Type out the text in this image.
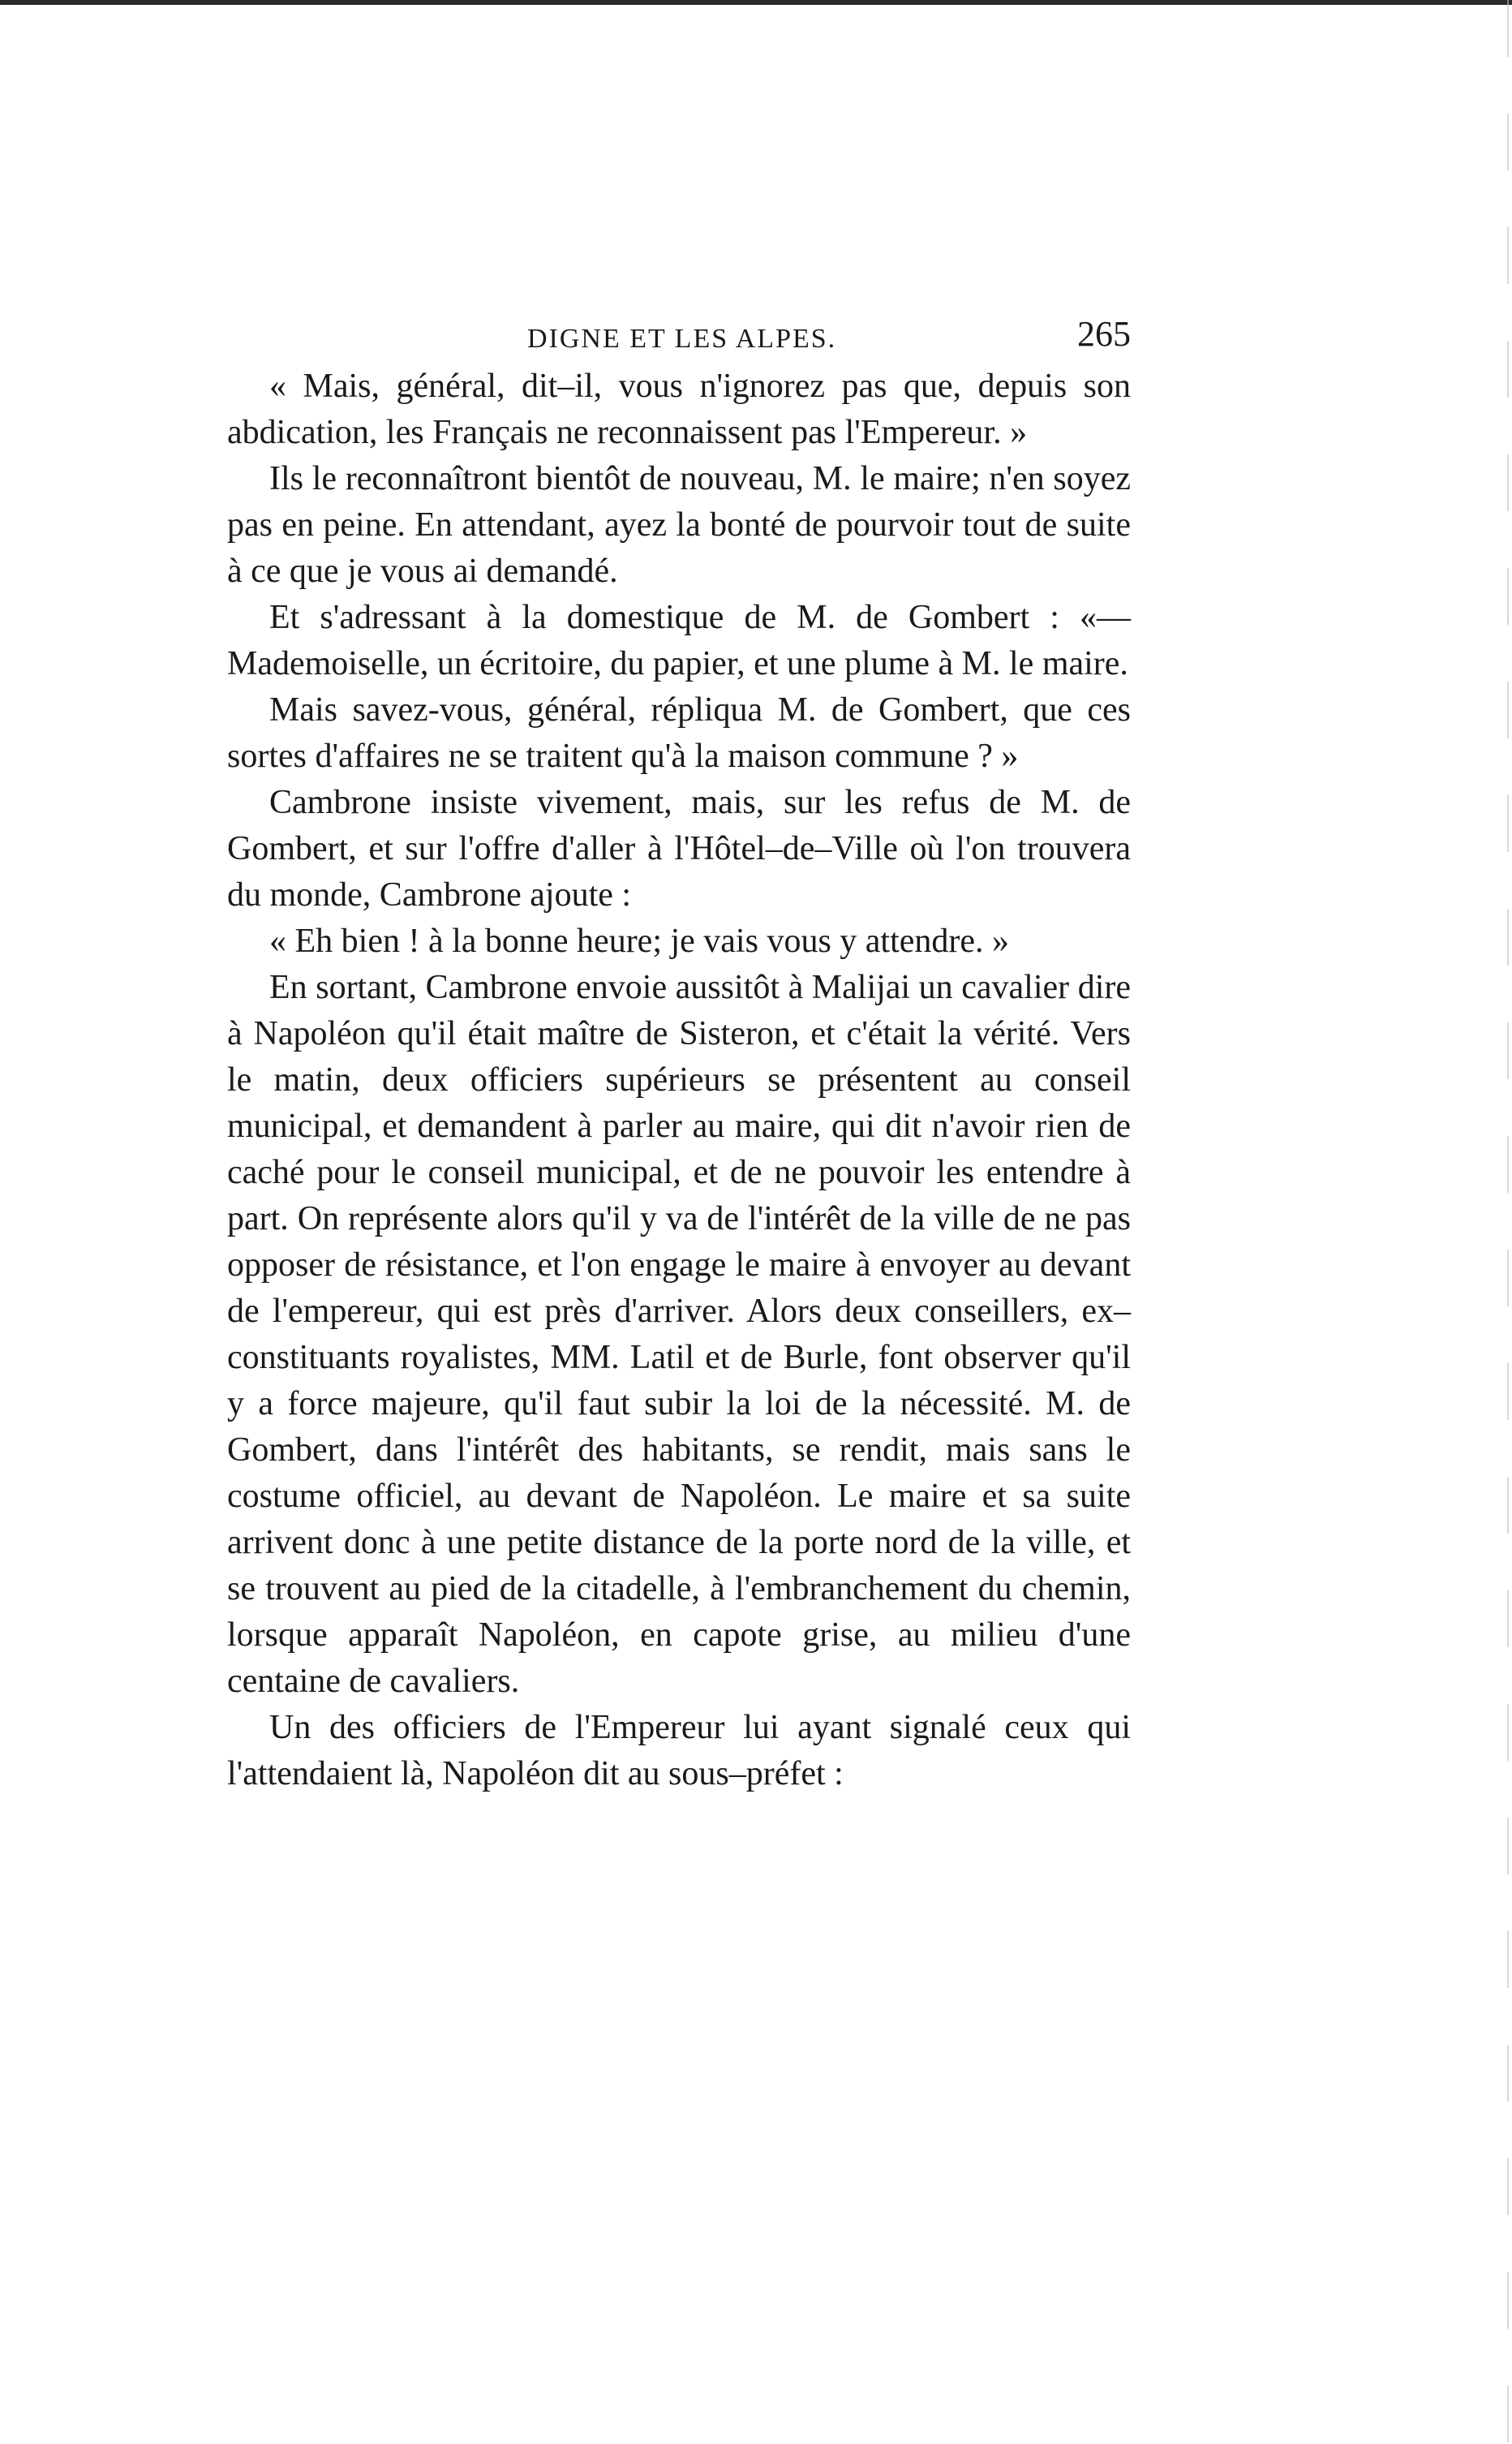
DIGNE ET LES ALPES.	265

« Mais, général, dit–il, vous n'ignorez pas que, depuis son abdication, les Français ne reconnaissent pas l'Empereur. »

Ils le reconnaîtront bientôt de nouveau, M. le maire; n'en soyez pas en peine. En attendant, ayez la bonté de pourvoir tout de suite à ce que je vous ai demandé.

Et s'adressant à la domestique de M. de Gombert : «—Mademoiselle, un écritoire, du papier, et une plume à M. le maire.

Mais savez-vous, général, répliqua M. de Gombert, que ces sortes d'affaires ne se traitent qu'à la maison commune ? »

Cambrone insiste vivement, mais, sur les refus de M. de Gombert, et sur l'offre d'aller à l'Hôtel–de–Ville où l'on trouvera du monde, Cambrone ajoute :

« Eh bien ! à la bonne heure; je vais vous y attendre. »

En sortant, Cambrone envoie aussitôt à Malijai un cavalier dire à Napoléon qu'il était maître de Sisteron, et c'était la vérité. Vers le matin, deux officiers supérieurs se présentent au conseil municipal, et demandent à parler au maire, qui dit n'avoir rien de caché pour le conseil municipal, et de ne pouvoir les entendre à part. On représente alors qu'il y va de l'intérêt de la ville de ne pas opposer de résistance, et l'on engage le maire à envoyer au devant de l'empereur, qui est près d'arriver. Alors deux conseillers, ex–constituants royalistes, MM. Latil et de Burle, font observer qu'il y a force majeure, qu'il faut subir la loi de la nécessité. M. de Gombert, dans l'intérêt des habitants, se rendit, mais sans le costume officiel, au devant de Napoléon. Le maire et sa suite arrivent donc à une petite distance de la porte nord de la ville, et se trouvent au pied de la citadelle, à l'embranchement du chemin, lorsque apparaît Napoléon, en capote grise, au milieu d'une centaine de cavaliers.

Un des officiers de l'Empereur lui ayant signalé ceux qui l'attendaient là, Napoléon dit au sous–préfet :
